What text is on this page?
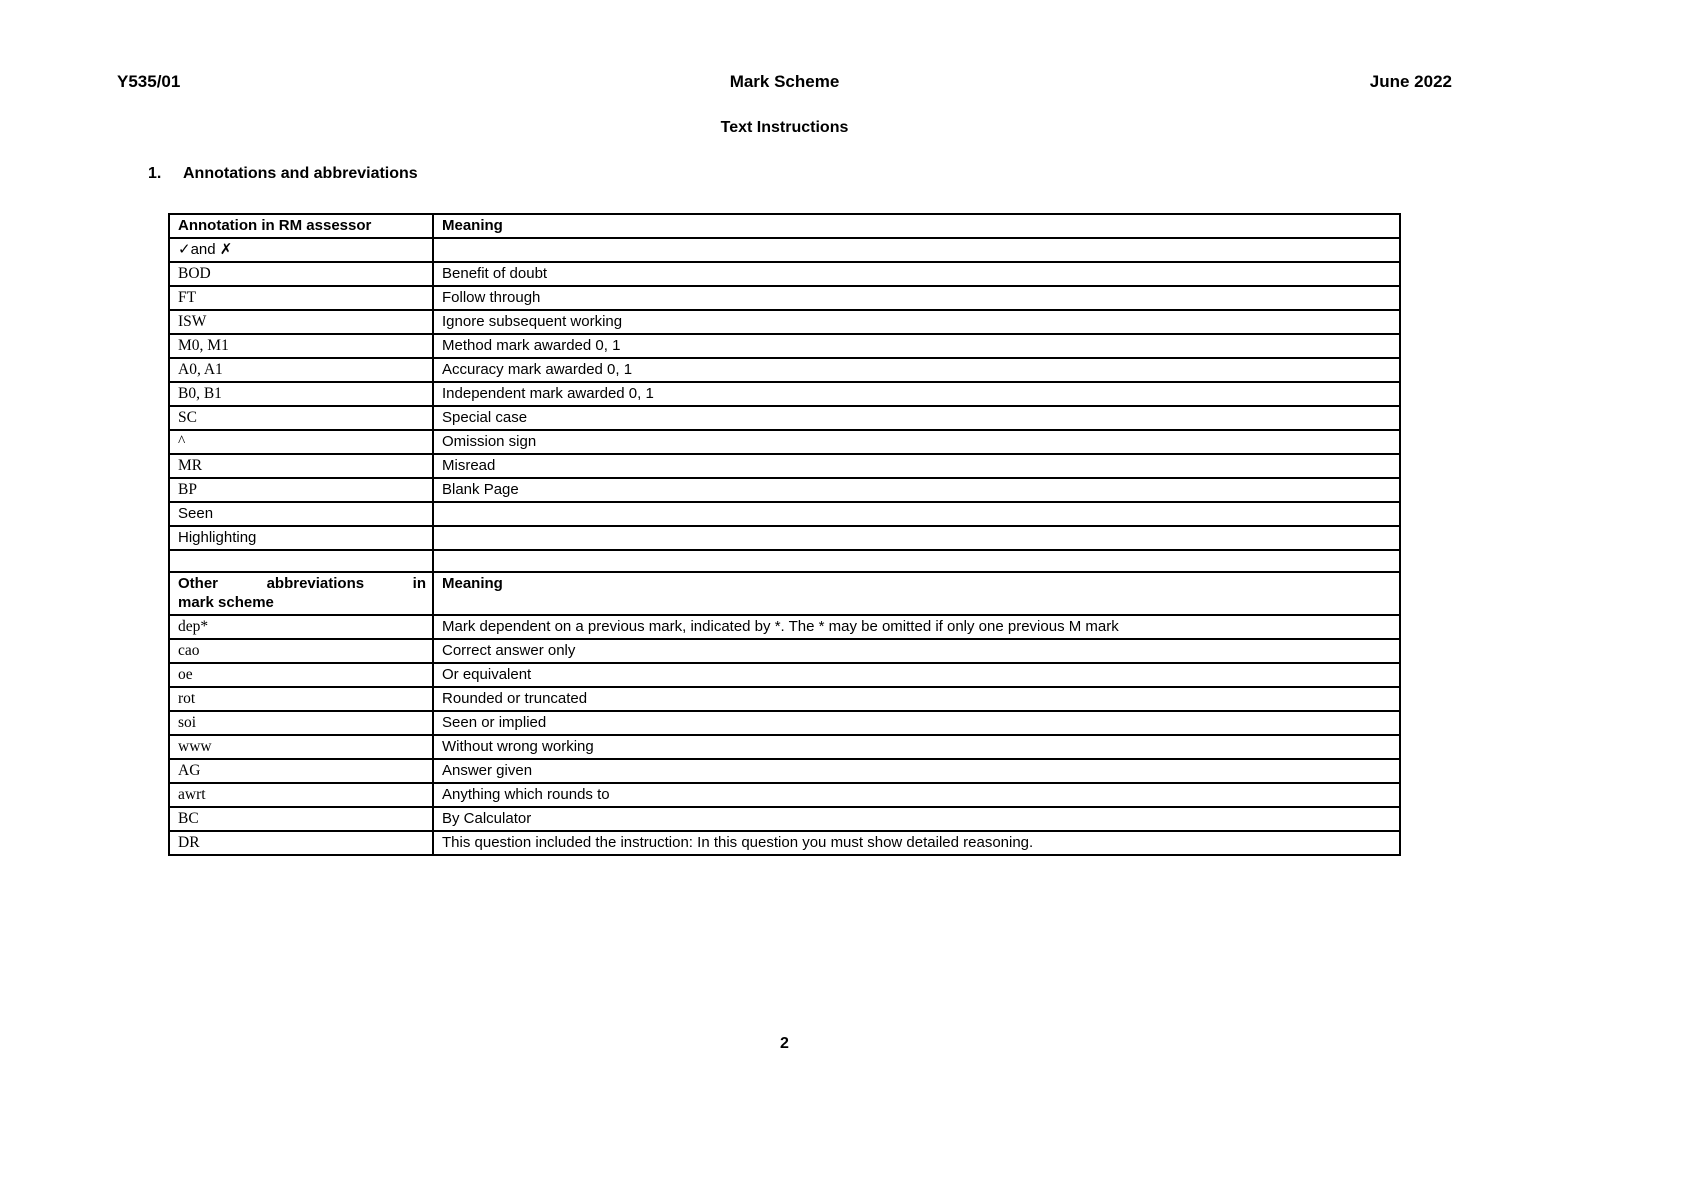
Y535/01	Mark Scheme	June 2022
Text Instructions
1. Annotations and abbreviations
Annotation in RM assessor	Meaning
✓and ✗	
BOD	Benefit of doubt
FT	Follow through
ISW	Ignore subsequent working
M0, M1	Method mark awarded 0, 1
A0, A1	Accuracy mark awarded 0, 1
B0, B1	Independent mark awarded 0, 1
SC	Special case
^	Omission sign
MR	Misread
BP	Blank Page
Seen	
Highlighting	

Other abbreviations in mark scheme	Meaning
dep*	Mark dependent on a previous mark, indicated by *. The * may be omitted if only one previous M mark
cao	Correct answer only
oe	Or equivalent
rot	Rounded or truncated
soi	Seen or implied
www	Without wrong working
AG	Answer given
awrt	Anything which rounds to
BC	By Calculator
DR	This question included the instruction: In this question you must show detailed reasoning.
2
